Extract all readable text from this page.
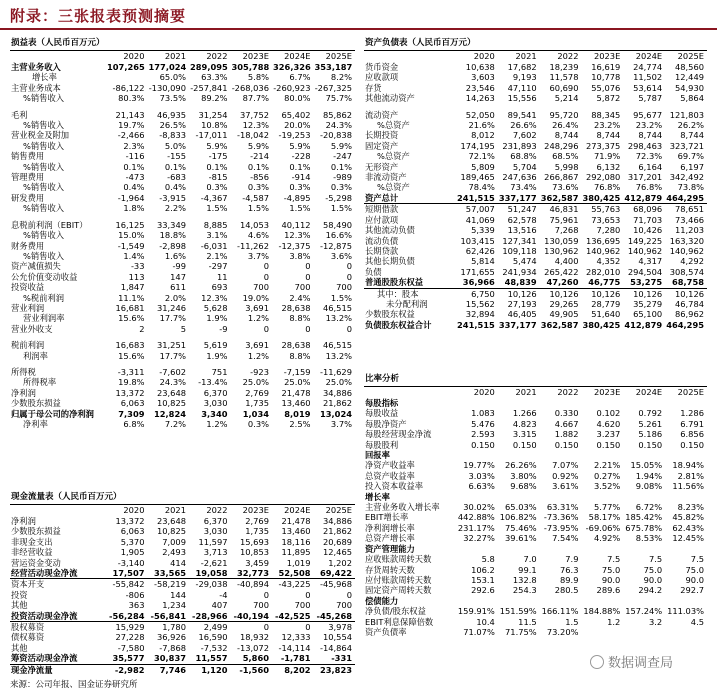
附录：三张报表预测摘要
损益表（人民币百万元）						
	2020	2021	2022	2023E	2024E	2025E
主营业务收入	107,265	177,024	289,095	305,788	326,326	353,187
增长率		65.0%	63.3%	5.8%	6.7%	8.2%
主营业务成本	-86,122	-130,090	-257,841	-268,036	-260,923	-267,325
%销售收入	80.3%	73.5%	89.2%	87.7%	80.0%	75.7%

毛利	21,143	46,935	31,254	37,752	65,402	85,862
%销售收入	19.7%	26.5%	10.8%	12.3%	20.0%	24.3%
营业税金及附加	-2,466	-8,833	-17,011	-18,042	-19,253	-20,838
%销售收入	2.3%	5.0%	5.9%	5.9%	5.9%	5.9%
销售费用	-116	-155	-175	-214	-228	-247
%销售收入	0.1%	0.1%	0.1%	0.1%	0.1%	0.1%
管理费用	-473	-683	-815	-856	-914	-989
%销售收入	0.4%	0.4%	0.3%	0.3%	0.3%	0.3%
研发费用	-1,964	-3,915	-4,367	-4,587	-4,895	-5,298
%销售收入	1.8%	2.2%	1.5%	1.5%	1.5%	1.5%

息税前利润（EBIT）	16,125	33,349	8,885	14,053	40,112	58,490
%销售收入	15.0%	18.8%	3.1%	4.6%	12.3%	16.6%
财务费用	-1,549	-2,898	-6,031	-11,262	-12,375	-12,875
%销售收入	1.4%	1.6%	2.1%	3.7%	3.8%	3.6%
资产减值损失	-33	-99	-297	0	0	0
公允价值变动收益	113	147	11	0	0	0
投资收益	1,847	611	693	700	700	700
%税前利润	11.1%	2.0%	12.3%	19.0%	2.4%	1.5%
营业利润	16,681	31,246	5,628	3,691	28,638	46,515
营业利润率	15.6%	17.7%	1.9%	1.2%	8.8%	13.2%
营业外收支	2	5	-9	0	0	0

税前利润	16,683	31,251	5,619	3,691	28,638	46,515
利润率	15.6%	17.7%	1.9%	1.2%	8.8%	13.2%

所得税	-3,311	-7,602	751	-923	-7,159	-11,629
所得税率	19.8%	24.3%	-13.4%	25.0%	25.0%	25.0%
净利润	13,372	23,648	6,370	2,769	21,478	34,886
少数股东损益	6,063	10,825	3,030	1,735	13,460	21,862
归属于母公司的净利润	7,309	12,824	3,340	1,034	8,019	13,024
净利率	6.8%	7.2%	1.2%	0.3%	2.5%	3.7%
现金流量表（人民币百万元）						
	2020	2021	2022	2023E	2024E	2025E
净利润	13,372	23,648	6,370	2,769	21,478	34,886
少数股东损益	6,063	10,825	3,030	1,735	13,460	21,862
非现金支出	5,370	7,009	11,597	15,693	18,116	20,689
非经营收益	1,905	2,493	3,713	10,853	11,895	12,465
营运资金变动	-3,140	414	-2,621	3,459	1,019	1,202
经营活动现金净流	17,507	33,565	19,058	32,773	52,508	69,422
资本开支	-55,842	-58,219	-29,038	-40,894	-43,225	-45,968
投资	-806	144	-4	0	0	0
其他	363	1,234	407	700	700	700
投资活动现金净流	-56,284	-56,841	-28,966	-40,194	-42,525	-45,268
股权募资	15,929	1,780	2,499	0	0	3,978
债权募资	27,228	36,926	16,590	18,932	12,333	10,554
其他	-7,580	-7,868	-7,532	-13,072	-14,114	-14,864
筹资活动现金净流	35,577	30,837	11,557	5,860	-1,781	-331
现金净流量	-2,982	7,746	1,120	-1,560	8,202	23,823
资产负债表（人民币百万元）						
	2020	2021	2022	2023E	2024E	2025E
货币资金	10,638	17,682	18,239	16,619	24,774	48,560
应收款项	3,603	9,193	11,578	10,778	11,502	12,449
存货	23,546	47,110	60,690	55,076	53,614	54,930
其他流动资产	14,263	15,556	5,214	5,872	5,787	5,864

流动资产	52,050	89,541	95,720	88,345	95,677	121,803
%总资产	21.6%	26.6%	26.4%	23.2%	23.2%	26.2%
长期投资	8,012	7,602	8,744	8,744	8,744	8,744
固定资产	174,195	231,893	248,296	273,375	298,463	323,721
%总资产	72.1%	68.8%	68.5%	71.9%	72.3%	69.7%
无形资产	5,809	5,704	5,998	6,132	6,164	6,197
非流动资产	189,465	247,636	266,867	292,080	317,201	342,492
%总资产	78.4%	73.4%	73.6%	76.8%	76.8%	73.8%
资产总计	241,515	337,177	362,587	380,425	412,879	464,295
短期借款	57,007	51,247	46,831	55,763	68,096	78,651
应付款项	41,069	62,578	75,961	73,653	71,703	73,466
其他流动负债	5,339	13,516	7,268	7,280	10,426	11,203
流动负债	103,415	127,341	130,059	136,695	149,225	163,320
长期贷款	62,426	109,118	130,962	140,962	140,962	140,962
其他长期负债	5,814	5,474	4,400	4,352	4,317	4,292
负债	171,655	241,934	265,422	282,010	294,504	308,574
普通股股东权益	36,966	48,839	47,260	46,775	53,275	68,758
其中：股本	6,750	10,126	10,126	10,126	10,126	10,126
未分配利润	15,562	27,193	29,265	28,779	35,279	46,784
少数股东权益	32,894	46,405	49,905	51,640	65,100	86,962
负债股东权益合计	241,515	337,177	362,587	380,425	412,879	464,295
比率分析						
	2020	2021	2022	2023E	2024E	2025E
每股指标						
每股收益	1.083	1.266	0.330	0.102	0.792	1.286
每股净资产	5.476	4.823	4.667	4.620	5.261	6.791
每股经营现金净流	2.593	3.315	1.882	3.237	5.186	6.856
每股股利	0.150	0.150	0.150	0.150	0.150	0.150
回报率						
净资产收益率	19.77%	26.26%	7.07%	2.21%	15.05%	18.94%
总资产收益率	3.03%	3.80%	0.92%	0.27%	1.94%	2.81%
投入资本收益率	6.63%	9.68%	3.61%	3.52%	9.08%	11.56%
增长率						
主营业务收入增长率	30.02%	65.03%	63.31%	5.77%	6.72%	8.23%
EBIT增长率	442.88%	106.82%	-73.36%	58.17%	185.42%	45.82%
净利润增长率	231.17%	75.46%	-73.95%	-69.06%	675.78%	62.43%
总资产增长率	32.27%	39.61%	7.54%	4.92%	8.53%	12.45%
资产管理能力						
应收账款周转天数	5.8	7.0	7.9	7.5	7.5	7.5
存货周转天数	106.2	99.1	76.3	75.0	75.0	75.0
应付账款周转天数	153.1	132.8	89.9	90.0	90.0	90.0
固定资产周转天数	292.6	254.3	280.5	289.6	294.2	292.7
偿债能力						
净负债/股东权益	159.91%	151.59%	166.11%	184.88%	157.24%	111.03%
EBIT利息保障倍数	10.4	11.5	1.5	1.2	3.2	4.5
资产负债率	71.07%	71.75%	73.20%			
来源：公司年报、国金证券研究所
数据调查局
